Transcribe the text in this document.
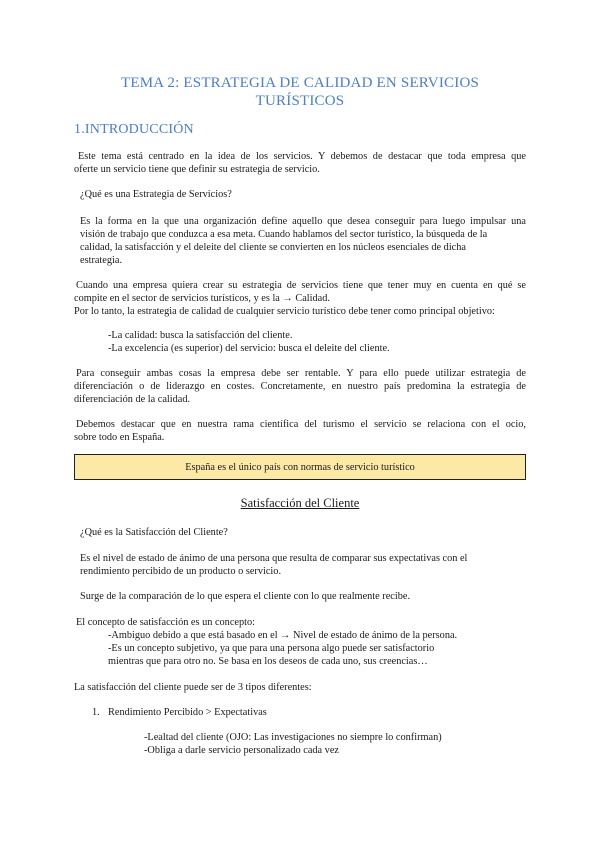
TEMA 2: ESTRATEGIA DE CALIDAD EN SERVICIOS
TURÍSTICOS
1.INTRODUCCIÓN
Este tema está centrado en la idea de los servicios. Y debemos de destacar que toda empresa que
oferte un servicio tiene que definir su estrategia de servicio.
¿Qué es una Estrategia de Servicios?
Es la forma en la que una organización define aquello que desea conseguir para luego impulsar una
visión de trabajo que conduzca a esa meta. Cuando hablamos del sector turístico, la búsqueda de la
calidad, la satisfacción y el deleite del cliente se convierten en los núcleos esenciales de dicha
estrategia.
Cuando una empresa quiera crear su estrategia de servicios tiene que tener muy en cuenta en qué se
compite en el sector de servicios turísticos, y es la → Calidad.
Por lo tanto, la estrategia de calidad de cualquier servicio turístico debe tener como principal objetivo:
-La calidad: busca la satisfacción del cliente.
-La excelencia (es superior) del servicio: busca el deleite del cliente.
Para conseguir ambas cosas la empresa debe ser rentable. Y para ello puede utilizar estrategia de
diferenciación o de liderazgo en costes. Concretamente, en nuestro país predomina la estrategia de
diferenciación de la calidad.
Debemos destacar que en nuestra rama científica del turismo el servicio se relaciona con el ocio,
sobre todo en España.
España es el único país con normas de servicio turístico
Satisfacción del Cliente
¿Qué es la Satisfacción del Cliente?
Es el nivel de estado de ánimo de una persona que resulta de comparar sus expectativas con el
rendimiento percibido de un producto o servicio.
Surge de la comparación de lo que espera el cliente con lo que realmente recibe.
El concepto de satisfacción es un concepto:
-Ambiguo debido a que está basado en el → Nivel de estado de ánimo de la persona.
-Es un concepto subjetivo, ya que para una persona algo puede ser satisfactorio
mientras que para otro no. Se basa en los deseos de cada uno, sus creencias…
La satisfacción del cliente puede ser de 3 tipos diferentes:
1. Rendimiento Percibido > Expectativas
-Lealtad del cliente (OJO: Las investigaciones no siempre lo confirman)
-Obliga a darle servicio personalizado cada vez
